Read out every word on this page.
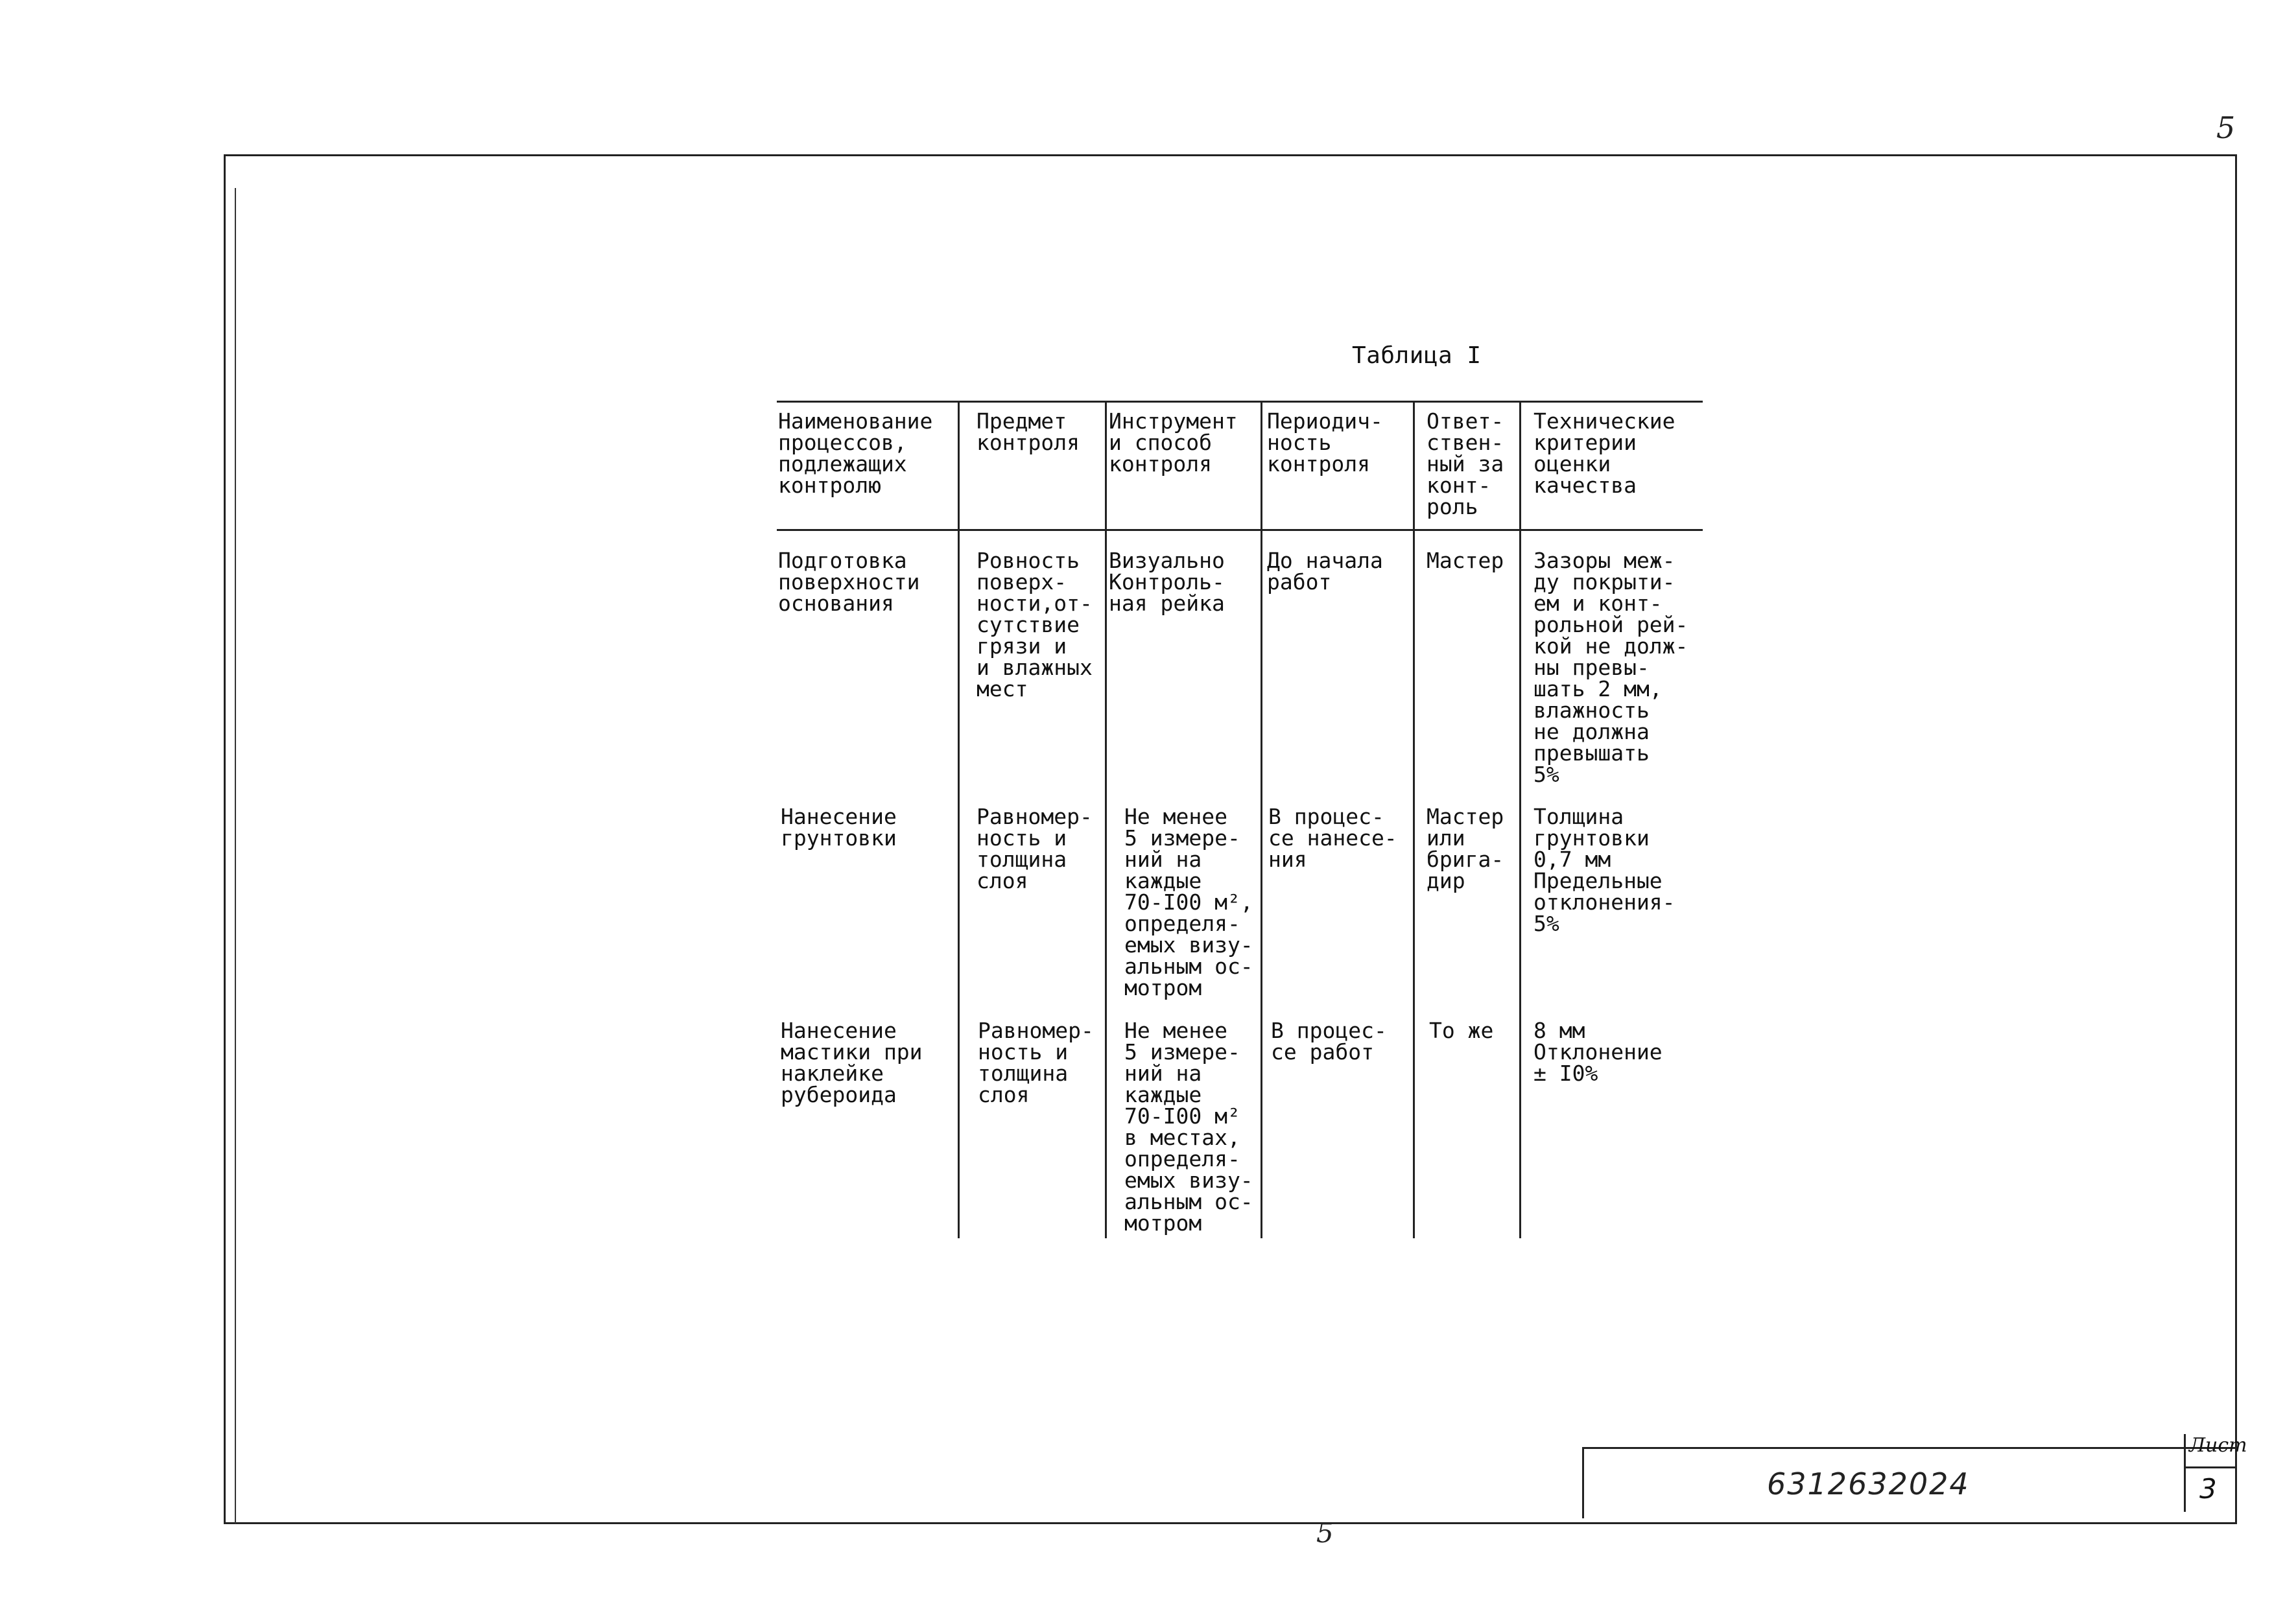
5
Таблица I
Наименование
процессов,
подлежащих
контролю
Предмет
контроля
Инструмент
и способ
контроля
Периодич-
ность
контроля
Ответ-
ствен-
ный за
конт-
роль
Технические
критерии
оценки
качества
Подготовка
поверхности
основания
Ровность
поверх-
ности,от-
сутствие
грязи и
и влажных
мест
Визуально
Контроль-
ная рейка
До начала
работ
Мастер Зазоры меж-
ду покрыти-
ем и конт-
рольной рей-
кой не долж-
ны превы-
шать 2 мм,
влажность
не должна
превышать
5%
Нанесение
грунтовки
Равномер-
ность и
толщина
слоя
Не менее
5 измере-
ний на
каждые
70-I00 м²,
определя-
емых визу-
альным ос-
мотром
В процес-
се нанесе-
ния
Мастер
или
брига-
дир
Толщина
грунтовки
0,7 мм
Предельные
отклонения-
5%
Нанесение
мастики при
наклейке
рубероида
Равномер-
ность и
толщина
слоя
Не менее
5 измере-
ний на
каждые
70-I00 м²
в местах,
определя-
емых визу-
альным ос-
мотром
В процес-
се работ
То же 8 мм
Отклонение
± I0%
6312632024
Лист
3
5
